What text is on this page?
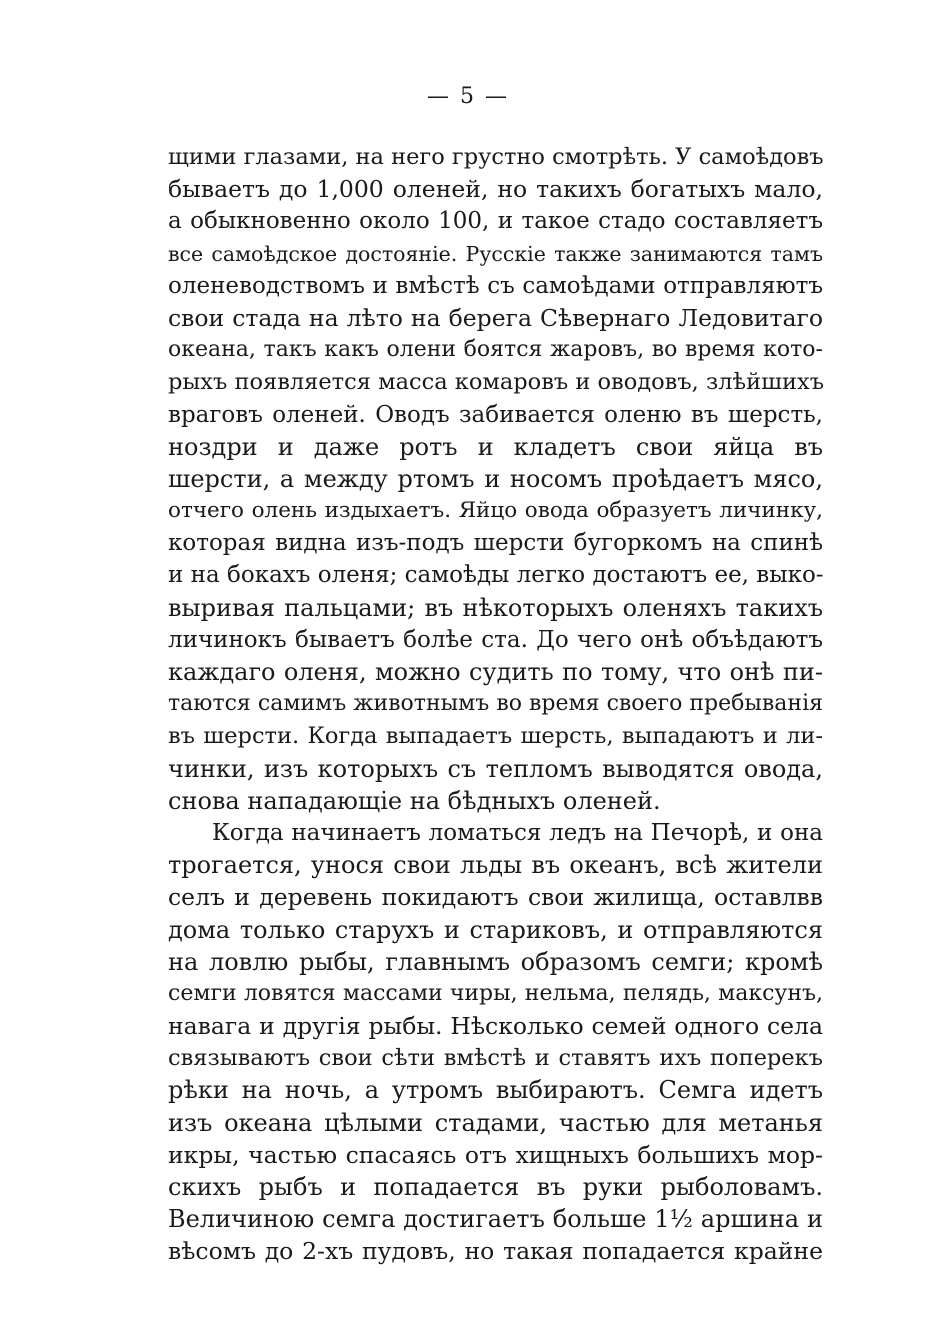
— 5 —
щими глазами, на него грустно смотрѣть. У самоѣдовъ
бываетъ до 1,000 оленей, но такихъ богатыхъ мало,
а обыкновенно около 100, и такое стадо составляетъ
все самоѣдское достояніе. Русскіе также занимаются тамъ
оленеводствомъ и вмѣстѣ съ самоѣдами отправляютъ
свои стада на лѣто на берега Сѣвернаго Ледовитаго
океана, такъ какъ олени боятся жаровъ, во время кото-
рыхъ появляется масса комаровъ и оводовъ, злѣйшихъ
враговъ оленей. Оводъ забивается оленю въ шерсть,
ноздри и даже ротъ и кладетъ свои яйца въ
шерсти, а между ртомъ и носомъ проѣдаетъ мясо,
отчего олень издыхаетъ. Яйцо овода образуетъ личинку,
которая видна изъ-подъ шерсти бугоркомъ на спинѣ
и на бокахъ оленя; самоѣды легко достаютъ ее, выко-
выривая пальцами; въ нѣкоторыхъ оленяхъ такихъ
личинокъ бываетъ болѣе ста. До чего онѣ объѣдаютъ
каждаго оленя, можно судить по тому, что онѣ пи-
таются самимъ животнымъ во время своего пребыванія
въ шерсти. Когда выпадаетъ шерсть, выпадаютъ и ли-
чинки, изъ которыхъ съ тепломъ выводятся овода,
снова нападающіе на бѣдныхъ оленей.
Когда начинаетъ ломаться ледъ на Печорѣ, и она
трогается, унося свои льды въ океанъ, всѣ жители
селъ и деревень покидаютъ свои жилища, оставлвв
дома только старухъ и стариковъ, и отправляются
на ловлю рыбы, главнымъ образомъ семги; кромѣ
семги ловятся массами чиры, нельма, пелядь, максунъ,
навага и другія рыбы. Нѣсколько семей одного села
связываютъ свои сѣти вмѣстѣ и ставятъ ихъ поперекъ
рѣки на ночь, а утромъ выбираютъ. Семга идетъ
изъ океана цѣлыми стадами, частью для метанья
икры, частью спасаясь отъ хищныхъ большихъ мор-
скихъ рыбъ и попадается въ руки рыболовамъ.
Величиною семга достигаетъ больше 1½ аршина и
вѣсомъ до 2-хъ пудовъ, но такая попадается крайне
